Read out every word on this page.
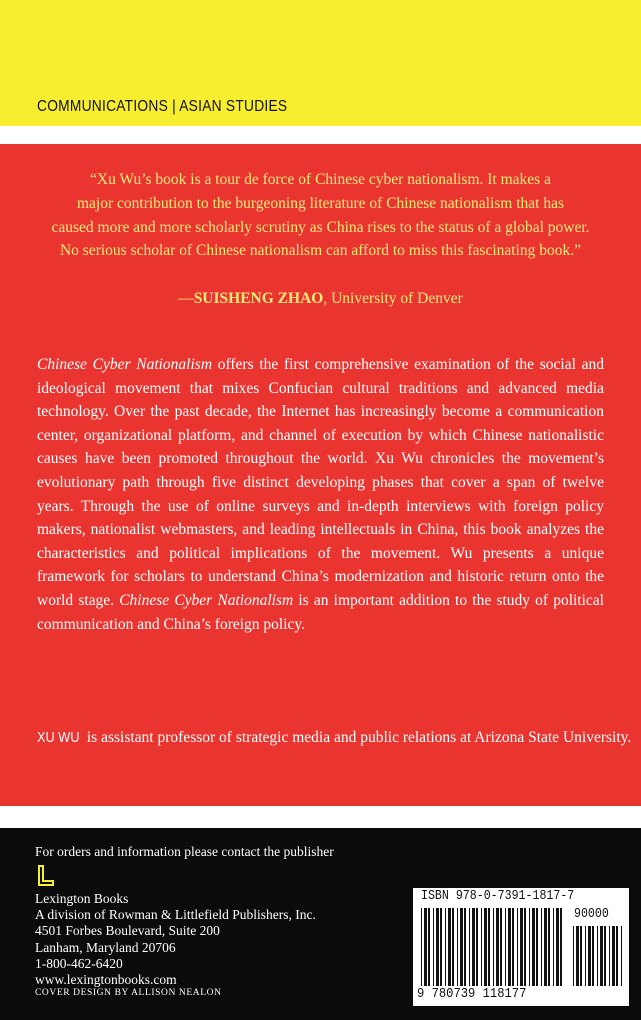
COMMUNICATIONS | ASIAN STUDIES
“Xu Wu’s book is a tour de force of Chinese cyber nationalism. It makes a
major contribution to the burgeoning literature of Chinese nationalism that has
caused more and more scholarly scrutiny as China rises to the status of a global power.
No serious scholar of Chinese nationalism can afford to miss this fascinating book.”
—SUISHENG ZHAO, University of Denver
Chinese Cyber Nationalism offers the first comprehensive examination of the social and ideological movement that mixes Confucian cultural traditions and advanced media technology. Over the past decade, the Internet has increasingly become a communication center, organizational platform, and channel of execution by which Chinese nationalistic causes have been promoted throughout the world. Xu Wu chronicles the movement’s evolutionary path through five distinct developing phases that cover a span of twelve years. Through the use of online surveys and in-depth interviews with foreign policy makers, nationalist webmasters, and leading intellectuals in China, this book analyzes the characteristics and political implications of the movement. Wu presents a unique framework for scholars to understand China’s modernization and historic return onto the world stage. Chinese Cyber Nationalism is an important addition to the study of political communication and China’s foreign policy.
XU WU is assistant professor of strategic media and public relations at Arizona State University.
For orders and information please contact the publisher
Lexington Books
A division of Rowman & Littlefield Publishers, Inc.
4501 Forbes Boulevard, Suite 200
Lanham, Maryland 20706
1-800-462-6420
www.lexingtonbooks.com
COVER DESIGN BY ALLISON NEALON
ISBN 978-0-7391-1817-7
90000
9 780739 118177
